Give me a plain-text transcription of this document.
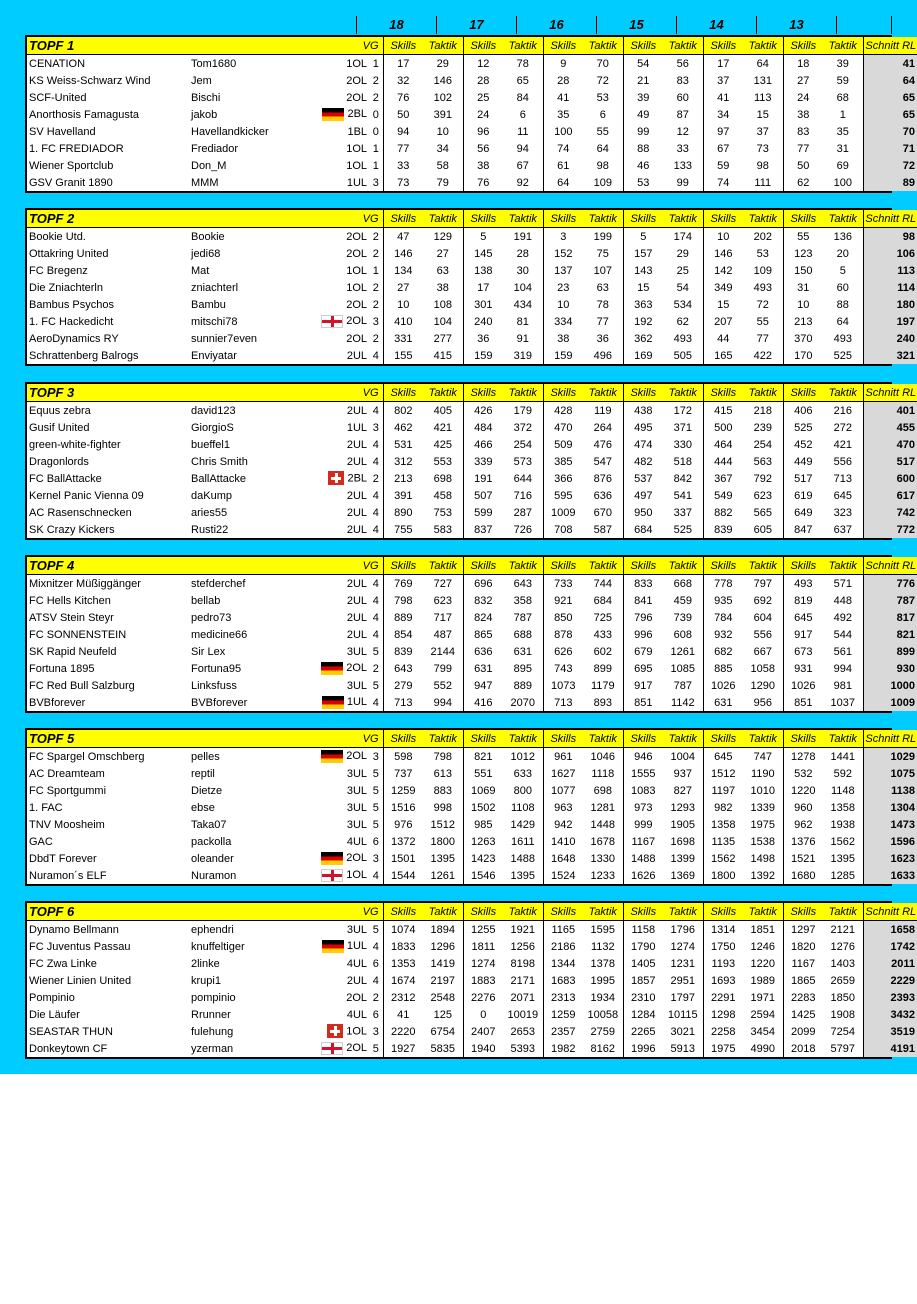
18	17	16	15	14	13
TOPF 1			VG		Skills	Taktik	Skills	Taktik	Skills	Taktik	Skills	Taktik	Skills	Taktik	Skills	Taktik	Schnitt RL
CENATION	Tom1680	1OL		1	17	29	12	78	9	70	54	56	17	64	18	39	41
KS Weiss-Schwarz Wind	Jem	2OL		2	32	146	28	65	28	72	21	83	37	131	27	59	64
SCF-United	Bischi	2OL		2	76	102	25	84	41	53	39	60	41	113	24	68	65
Anorthosis Famagusta	jakob	2BL		0	50	391	24	6	35	6	49	87	34	15	38	1	65
SV Havelland	Havellandkicker	1BL		0	94	10	96	11	100	55	99	12	97	37	83	35	70
1. FC FREDIADOR	Frediador	1OL		1	77	34	56	94	74	64	88	33	67	73	77	31	71
Wiener Sportclub	Don_M	1OL		1	33	58	38	67	61	98	46	133	59	98	50	69	72
GSV Granit 1890	MMM	1UL		3	73	79	76	92	64	109	53	99	74	111	62	100	89
TOPF 2			VG		Skills	Taktik	Skills	Taktik	Skills	Taktik	Skills	Taktik	Skills	Taktik	Skills	Taktik	Schnitt RL
Bookie Utd.	Bookie	2OL		2	47	129	5	191	3	199	5	174	10	202	55	136	98
Ottakring United	jedi68	2OL		2	146	27	145	28	152	75	157	29	146	53	123	20	106
FC Bregenz	Mat	1OL		1	134	63	138	30	137	107	143	25	142	109	150	5	113
Die Zniachterln	zniachterl	1OL		2	27	38	17	104	23	63	15	54	349	493	31	60	114
Bambus Psychos	Bambu	2OL		2	10	108	301	434	10	78	363	534	15	72	10	88	180
1. FC Hackedicht	mitschi78	2OL		3	410	104	240	81	334	77	192	62	207	55	213	64	197
AeroDynamics RY	sunnier7even	2OL		2	331	277	36	91	38	36	362	493	44	77	370	493	240
Schrattenberg Balrogs	Enviyatar	2UL		4	155	415	159	319	159	496	169	505	165	422	170	525	321
TOPF 3			VG		Skills	Taktik	Skills	Taktik	Skills	Taktik	Skills	Taktik	Skills	Taktik	Skills	Taktik	Schnitt RL
Equus zebra	david123	2UL		4	802	405	426	179	428	119	438	172	415	218	406	216	401
Gusif United	GiorgioS	1UL		3	462	421	484	372	470	264	495	371	500	239	525	272	455
green-white-fighter	bueffel1	2UL		4	531	425	466	254	509	476	474	330	464	254	452	421	470
Dragonlords	Chris Smith	2UL		4	312	553	339	573	385	547	482	518	444	563	449	556	517
FC BallAttacke	BallAttacke	2BL		2	213	698	191	644	366	876	537	842	367	792	517	713	600
Kernel Panic Vienna 09	daKump	2UL		4	391	458	507	716	595	636	497	541	549	623	619	645	617
AC Rasenschnecken	aries55	2UL		4	890	753	599	287	1009	670	950	337	882	565	649	323	742
SK Crazy Kickers	Rusti22	2UL		4	755	583	837	726	708	587	684	525	839	605	847	637	772
TOPF 4			VG		Skills	Taktik	Skills	Taktik	Skills	Taktik	Skills	Taktik	Skills	Taktik	Skills	Taktik	Schnitt RL
Mixnitzer Müßiggänger	stefderchef	2UL		4	769	727	696	643	733	744	833	668	778	797	493	571	776
FC Hells Kitchen	bellab	2UL		4	798	623	832	358	921	684	841	459	935	692	819	448	787
ATSV Stein Steyr	pedro73	2UL		4	889	717	824	787	850	725	796	739	784	604	645	492	817
FC SONNENSTEIN	medicine66	2UL		4	854	487	865	688	878	433	996	608	932	556	917	544	821
SK Rapid Neufeld	Sir Lex	3UL		5	839	2144	636	631	626	602	679	1261	682	667	673	561	899
Fortuna 1895	Fortuna95	2OL		2	643	799	631	895	743	899	695	1085	885	1058	931	994	930
FC Red Bull Salzburg	Linksfuss	3UL		5	279	552	947	889	1073	1179	917	787	1026	1290	1026	981	1000
BVBforever	BVBforever	1UL		4	713	994	416	2070	713	893	851	1142	631	956	851	1037	1009
TOPF 5			VG		Skills	Taktik	Skills	Taktik	Skills	Taktik	Skills	Taktik	Skills	Taktik	Skills	Taktik	Schnitt RL
FC Spargel Omschberg	pelles	2OL		3	598	798	821	1012	961	1046	946	1004	645	747	1278	1441	1029
AC Dreamteam	reptil	3UL		5	737	613	551	633	1627	1118	1555	937	1512	1190	532	592	1075
FC Sportgummi	Dietze	3UL		5	1259	883	1069	800	1077	698	1083	827	1197	1010	1220	1148	1138
1. FAC	ebse	3UL		5	1516	998	1502	1108	963	1281	973	1293	982	1339	960	1358	1304
TNV Moosheim	Taka07	3UL		5	976	1512	985	1429	942	1448	999	1905	1358	1975	962	1938	1473
GAC	packolla	4UL		6	1372	1800	1263	1611	1410	1678	1167	1698	1135	1538	1376	1562	1596
DbdT Forever	oleander	2OL		3	1501	1395	1423	1488	1648	1330	1488	1399	1562	1498	1521	1395	1623
Nuramon´s ELF	Nuramon	1OL		4	1544	1261	1546	1395	1524	1233	1626	1369	1800	1392	1680	1285	1633
TOPF 6			VG		Skills	Taktik	Skills	Taktik	Skills	Taktik	Skills	Taktik	Skills	Taktik	Skills	Taktik	Schnitt RL
Dynamo Bellmann	ephendri	3UL		5	1074	1894	1255	1921	1165	1595	1158	1796	1314	1851	1297	2121	1658
FC Juventus Passau	knuffeltiger	1UL		4	1833	1296	1811	1256	2186	1132	1790	1274	1750	1246	1820	1276	1742
FC Zwa Linke	2linke	4UL		6	1353	1419	1274	8198	1344	1378	1405	1231	1193	1220	1167	1403	2011
Wiener Linien United	krupi1	2UL		4	1674	2197	1883	2171	1683	1995	1857	2951	1693	1989	1865	2659	2229
Pompinio	pompinio	2OL		2	2312	2548	2276	2071	2313	1934	2310	1797	2291	1971	2283	1850	2393
Die Läufer	Rrunner	4UL		6	41	125	0	10019	1259	10058	1284	10115	1298	2594	1425	1908	3432
SEASTAR THUN	fulehung	1OL		3	2220	6754	2407	2653	2357	2759	2265	3021	2258	3454	2099	7254	3519
Donkeytown CF	yzerman	2OL		5	1927	5835	1940	5393	1982	8162	1996	5913	1975	4990	2018	5797	4191
